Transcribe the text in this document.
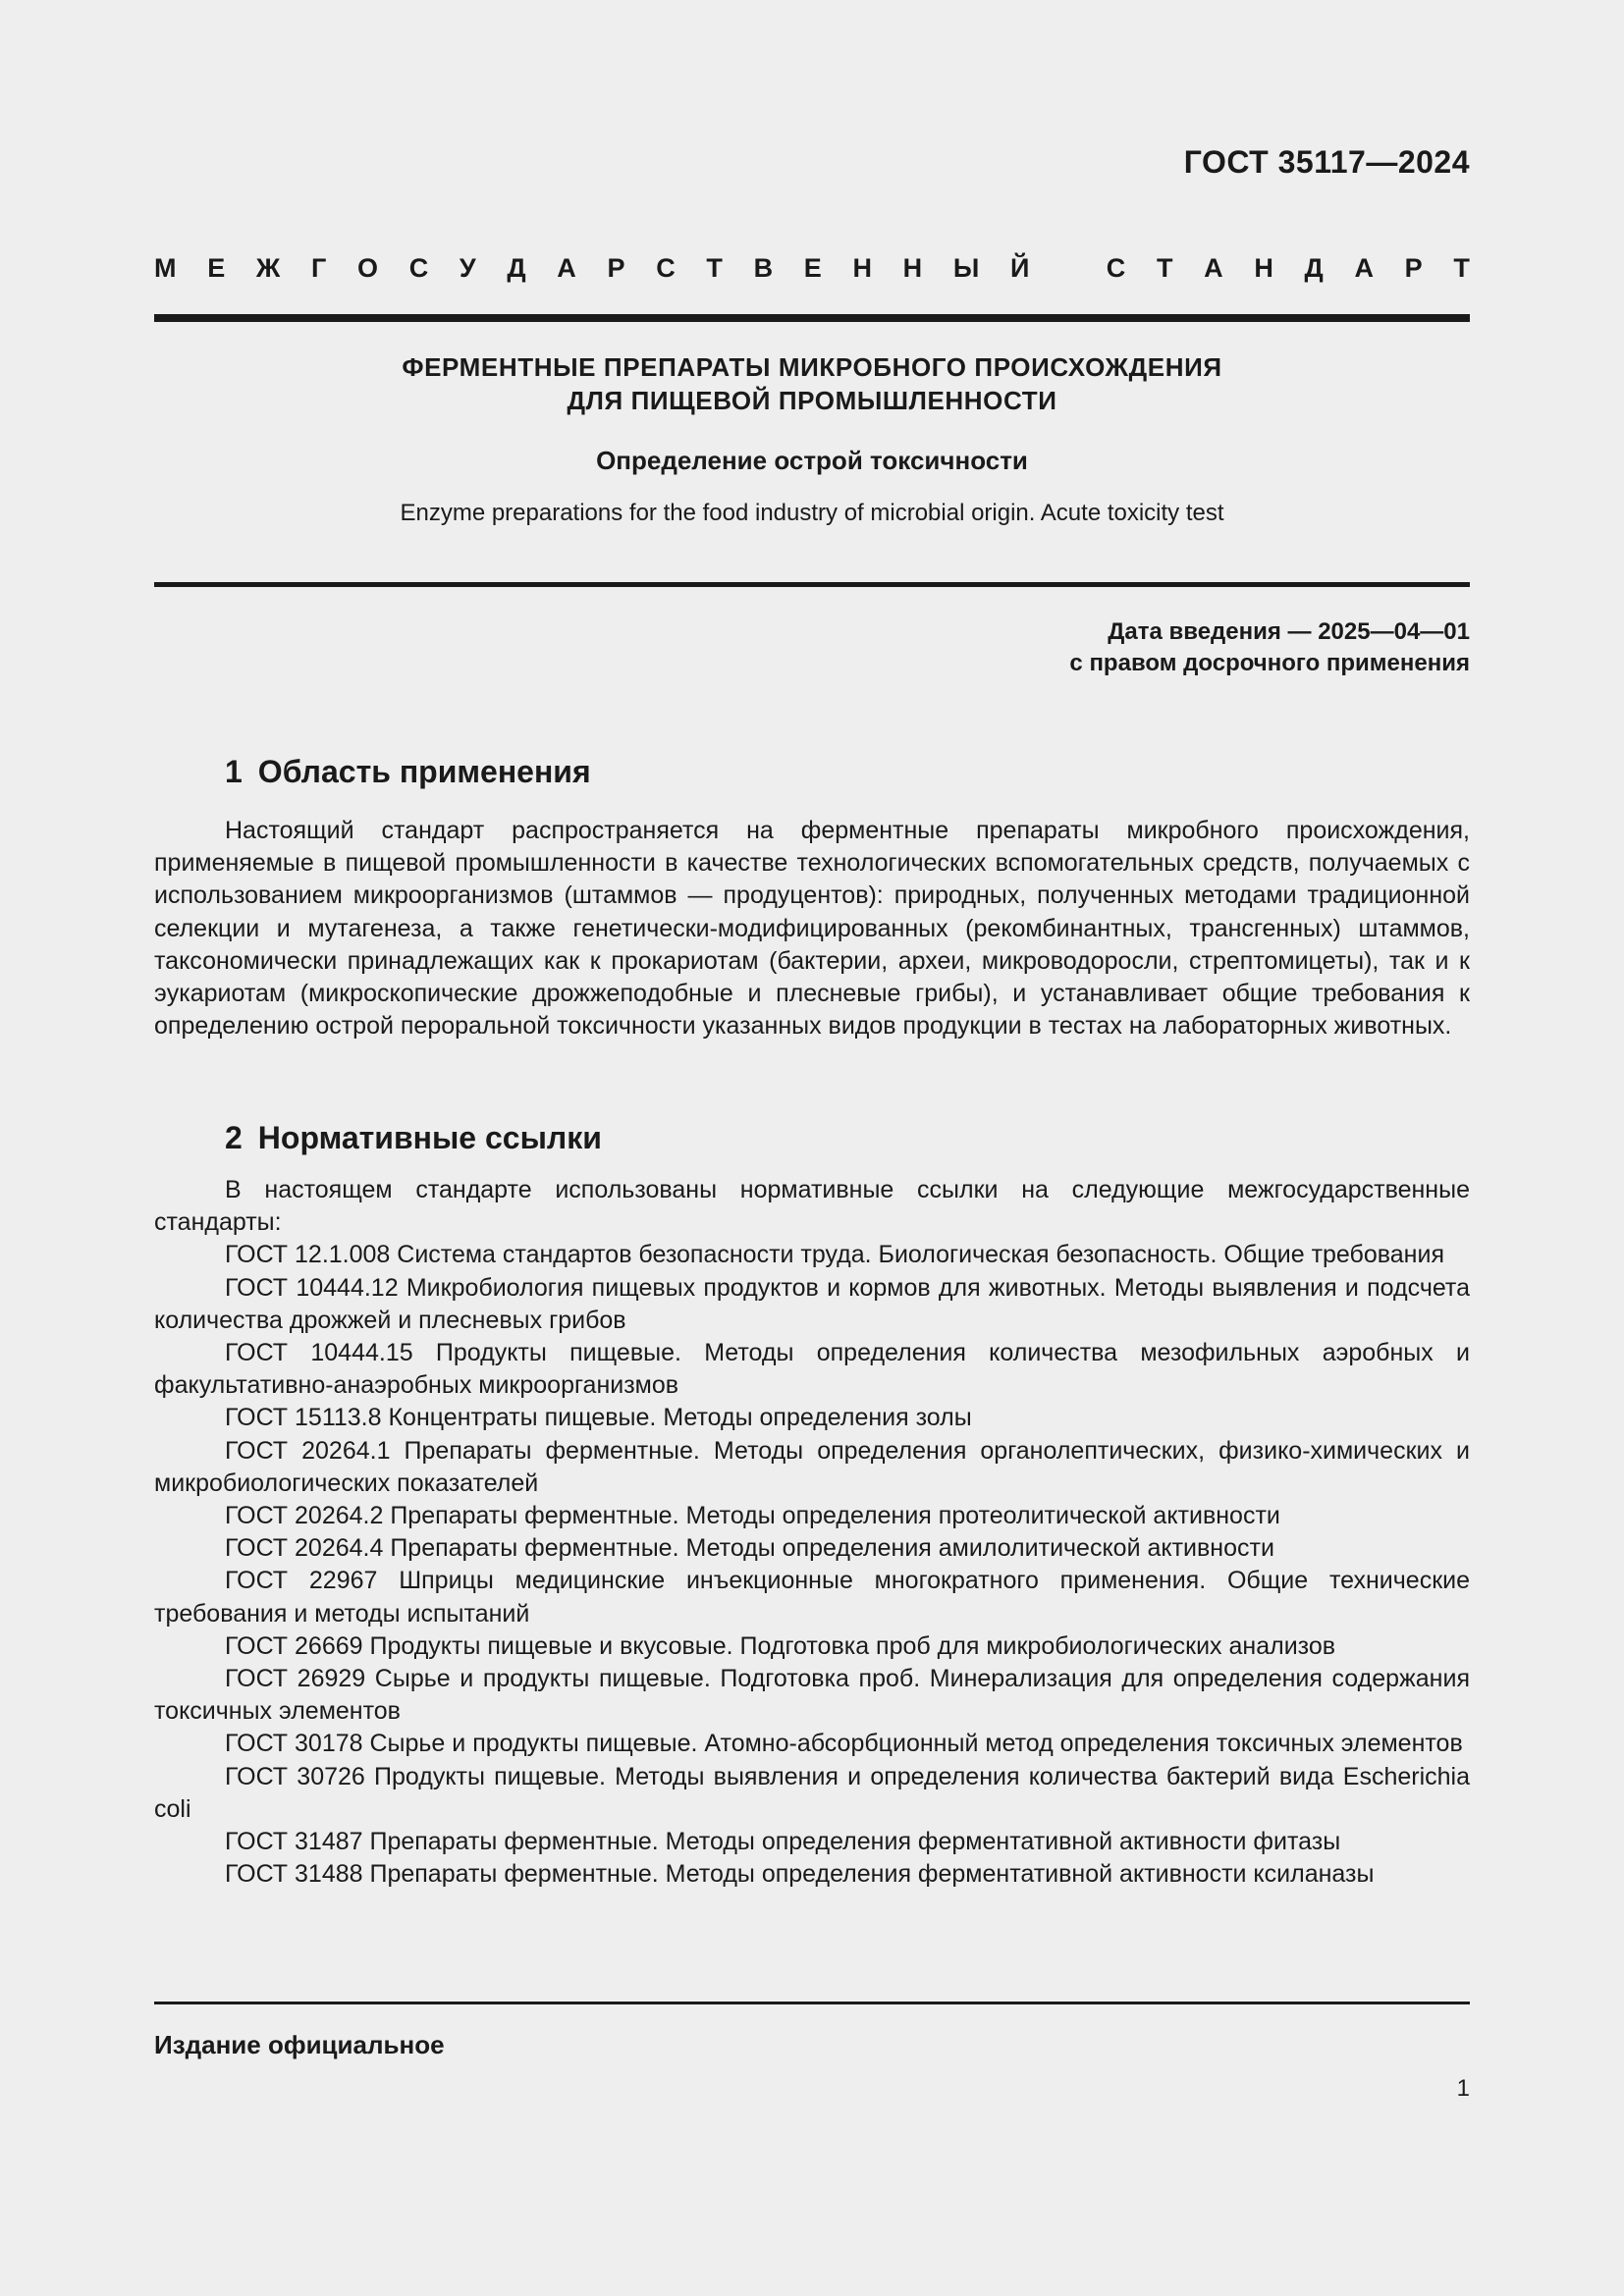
ГОСТ 35117—2024
М Е Ж Г О С У Д А Р С Т В Е Н Н Ы Й
	С Т А Н Д А Р Т
ФЕРМЕНТНЫЕ ПРЕПАРАТЫ МИКРОБНОГО ПРОИСХОЖДЕНИЯ
ДЛЯ ПИЩЕВОЙ ПРОМЫШЛЕННОСТИ
Определение острой токсичности
Enzyme preparations for the food industry of microbial origin. Acute toxicity test
Дата введения — 2025—04—01
с правом досрочного применения
1 Область применения
Настоящий стандарт распространяется на ферментные препараты микробного происхождения, применяемые в пищевой промышленности в качестве технологических вспомогательных средств, получаемых с использованием микроорганизмов (штаммов — продуцентов): природных, полученных методами традиционной селекции и мутагенеза, а также генетически-модифицированных (рекомбинантных, трансгенных) штаммов, таксономически принадлежащих как к прокариотам (бактерии, археи, микроводоросли, стрептомицеты), так и к эукариотам (микроскопические дрожжеподобные и плесневые грибы), и устанавливает общие требования к определению острой пероральной токсичности указанных видов продукции в тестах на лабораторных животных.
2 Нормативные ссылки

В настоящем стандарте использованы нормативные ссылки на следующие межгосударственные стандарты:

ГОСТ 12.1.008 Система стандартов безопасности труда. Биологическая безопасность. Общие требования

ГОСТ 10444.12 Микробиология пищевых продуктов и кормов для животных. Методы выявления и подсчета количества дрожжей и плесневых грибов

ГОСТ 10444.15 Продукты пищевые. Методы определения количества мезофильных аэробных и факультативно-анаэробных микроорганизмов

ГОСТ 15113.8 Концентраты пищевые. Методы определения золы

ГОСТ 20264.1 Препараты ферментные. Методы определения органолептических, физико-химических и микробиологических показателей

ГОСТ 20264.2 Препараты ферментные. Методы определения протеолитической активности

ГОСТ 20264.4 Препараты ферментные. Методы определения амилолитической активности

ГОСТ 22967 Шприцы медицинские инъекционные многократного применения. Общие технические требования и методы испытаний

ГОСТ 26669 Продукты пищевые и вкусовые. Подготовка проб для микробиологических анализов

ГОСТ 26929 Сырье и продукты пищевые. Подготовка проб. Минерализация для определения содержания токсичных элементов

ГОСТ 30178 Сырье и продукты пищевые. Атомно-абсорбционный метод определения токсичных элементов

ГОСТ 30726 Продукты пищевые. Методы выявления и определения количества бактерий вида Escherichia coli

ГОСТ 31487 Препараты ферментные. Методы определения ферментативной активности фитазы

ГОСТ 31488 Препараты ферментные. Методы определения ферментативной активности ксиланазы

Издание официальное
1
